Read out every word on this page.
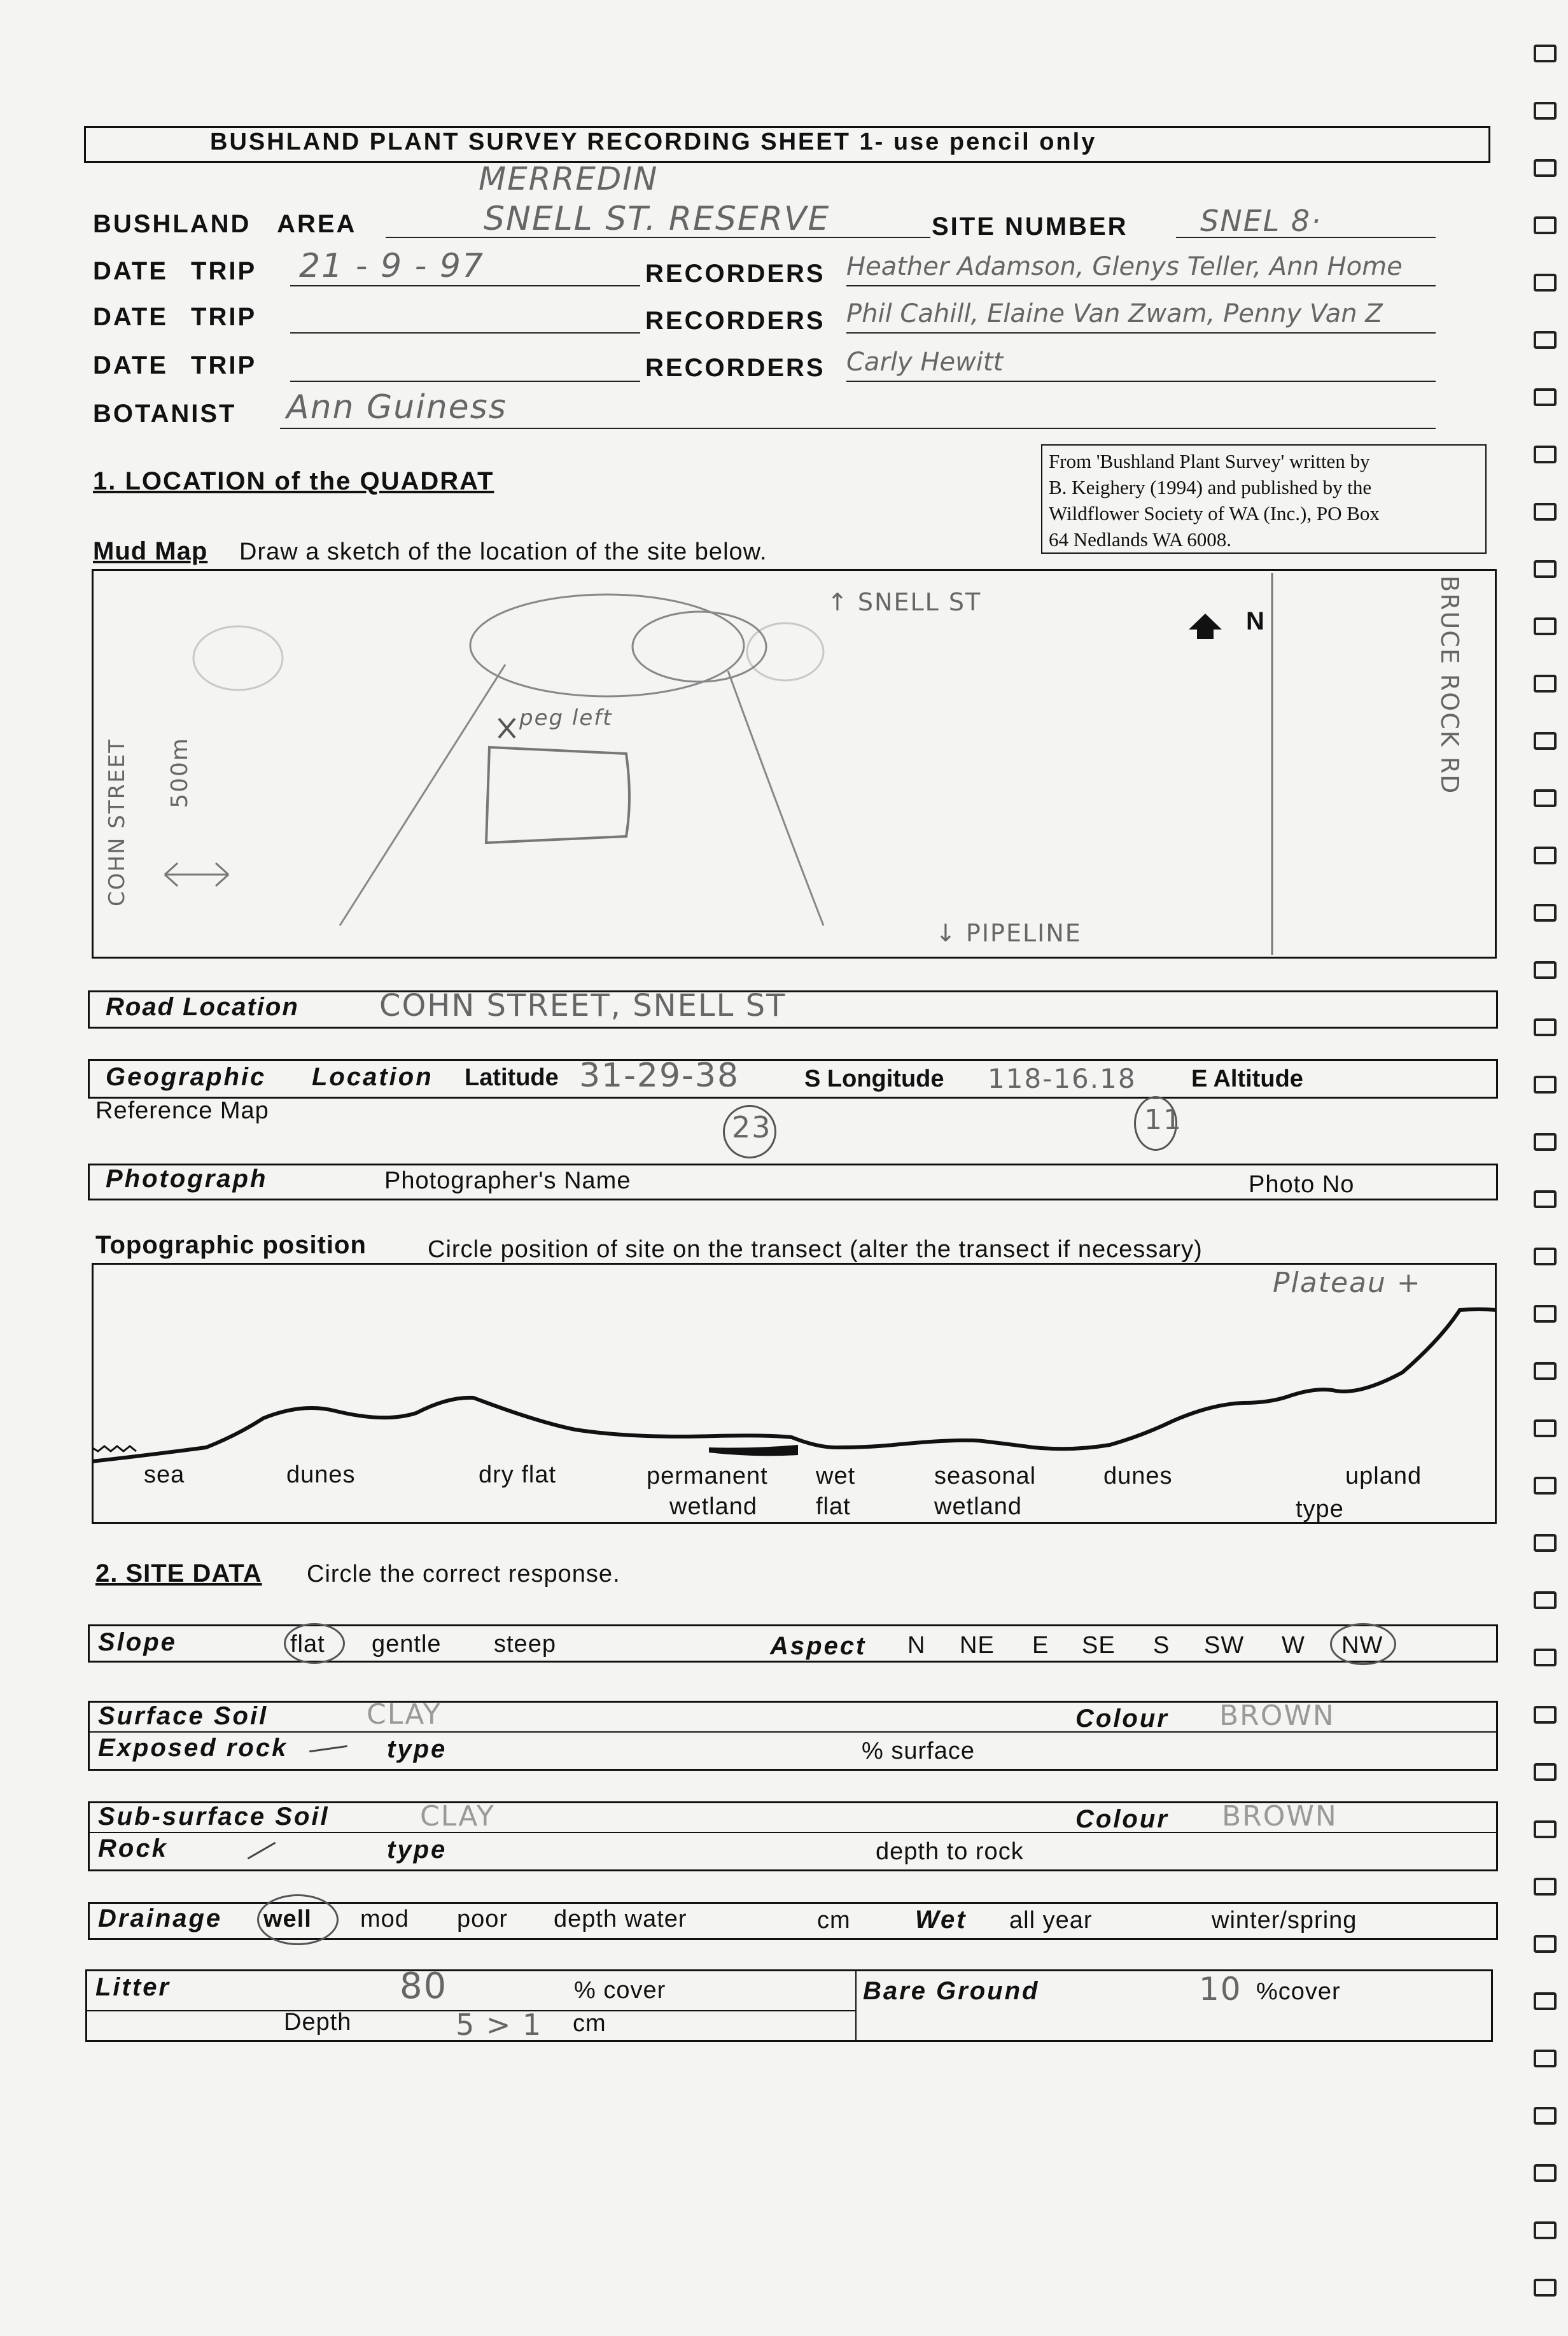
BUSHLAND PLANT SURVEY RECORDING SHEET 1- use pencil only
MERREDIN
BUSHLAND AREA	SNELL ST. RESERVE	SITE NUMBER SNEL 8·
DATE TRIP 21 - 9 - 97	RECORDERS Heather Adamson, Glenys Teller, Ann Home
DATE TRIP	RECORDERS Phil Cahill, Elaine Van Zwam, Penny Van Z
DATE TRIP	RECORDERS Carly Hewitt
BOTANIST Ann Guiness
From 'Bushland Plant Survey' written by
B. Keighery (1994) and published by the
Wildflower Society of WA (Inc.), PO Box
64 Nedlands WA 6008.
1. LOCATION of the QUADRAT
Mud Map Draw a sketch of the location of the site below.
↑ SNELL ST
N	BRUCE ROCK RD
COHN STREET 500m
peg left
↓ PIPELINE
Road Location	COHN STREET, SNELL ST
Geographic Location Latitude 31-29-38	S Longitude 118-16.18 E Altitude
Reference Map	23	11
Photograph	Photographer's Name	Photo No
Topographic position	Circle position of site on the transect (alter the transect if necessary)
Plateau +
sea	dunes	dry flat	permanent
wetland
wet
flat
seasonal
wetland
dunes	upland
type
2. SITE DATA Circle the correct response.
Slope	flat gentle steep	Aspect N NE E SE S SW W NW
Surface Soil	CLAY	Colour BROWN
Exposed rock	type	% surface
Sub-surface Soil	CLAY	Colour BROWN
Rock	type	depth to rock
Drainage well mod poor depth water	cm	Wet all year	winter/spring
Litter	80	% cover
Depth	5 > 1 cm
Bare Ground	10 %cover
